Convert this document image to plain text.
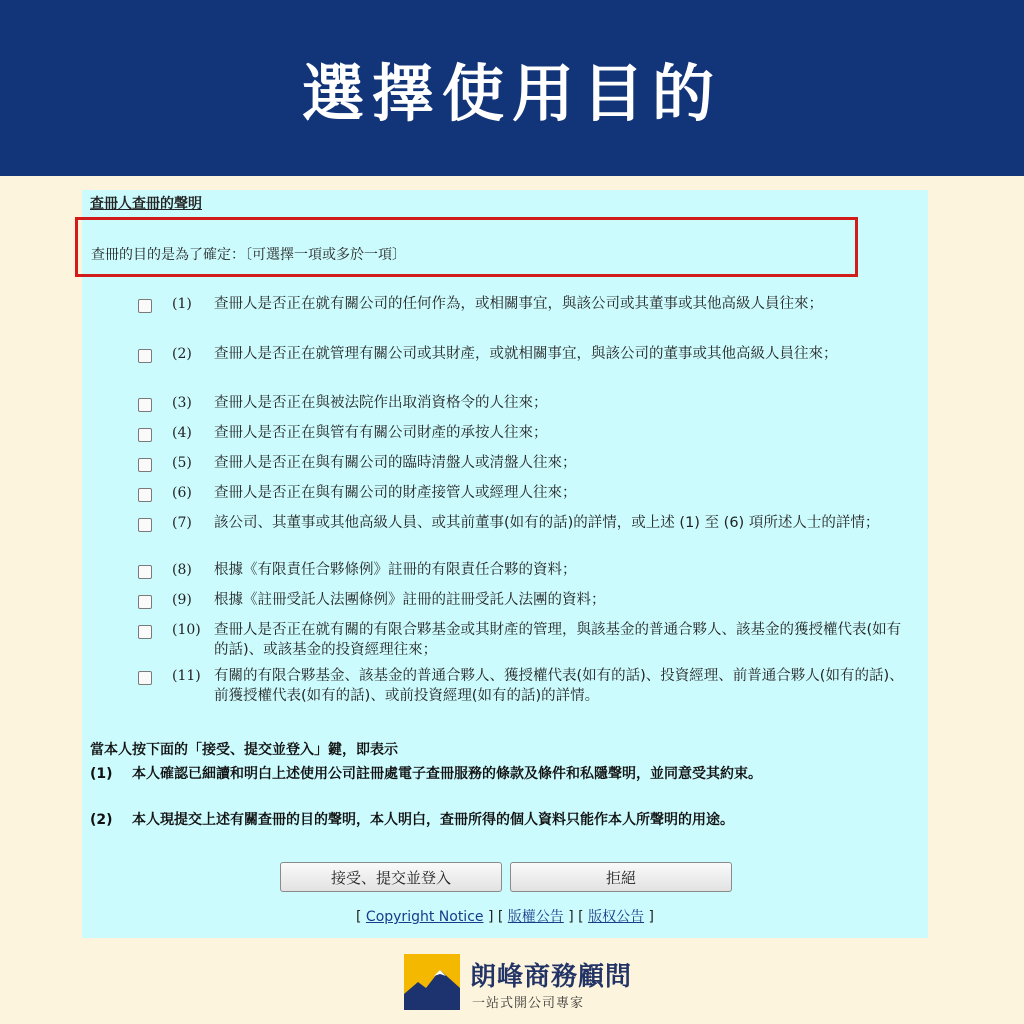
選擇使用目的
查冊人查冊的聲明
查冊的目的是為了確定：〔可選擇一項或多於一項〕
(1)	查冊人是否正在就有關公司的任何作為，或相關事宜，與該公司或其董事或其他高級人員往來；
(2)	查冊人是否正在就管理有關公司或其財產，或就相關事宜，與該公司的董事或其他高級人員往來；
(3)	查冊人是否正在與被法院作出取消資格令的人往來；
(4)	查冊人是否正在與管有有關公司財產的承按人往來；
(5)	查冊人是否正在與有關公司的臨時清盤人或清盤人往來；
(6)	查冊人是否正在與有關公司的財產接管人或經理人往來；
(7)	該公司、其董事或其他高級人員、或其前董事(如有的話)的詳情，或上述 (1) 至 (6) 項所述人士的詳情；
(8)	根據《有限責任合夥條例》註冊的有限責任合夥的資料；
(9)	根據《註冊受託人法團條例》註冊的註冊受託人法團的資料；
(10) 查冊人是否正在就有關的有限合夥基金或其財產的管理，與該基金的普通合夥人、該基金的獲授權代表(如有的話)、或該基金的投資經理往來；
(11) 有關的有限合夥基金、該基金的普通合夥人、獲授權代表(如有的話)、投資經理、前普通合夥人(如有的話)、前獲授權代表(如有的話)、或前投資經理(如有的話)的詳情。
當本人按下面的「接受、提交並登入」鍵，即表示
(1)	本人確認已細讀和明白上述使用公司註冊處電子查冊服務的條款及條件和私隱聲明，並同意受其約束。
(2)	本人現提交上述有關查冊的目的聲明，本人明白，查冊所得的個人資料只能作本人所聲明的用途。
接受、提交並登入	拒絕
[ Copyright Notice ] [ 版權公告 ] [ 版权公告 ]
朗峰商務顧問
一站式開公司專家
